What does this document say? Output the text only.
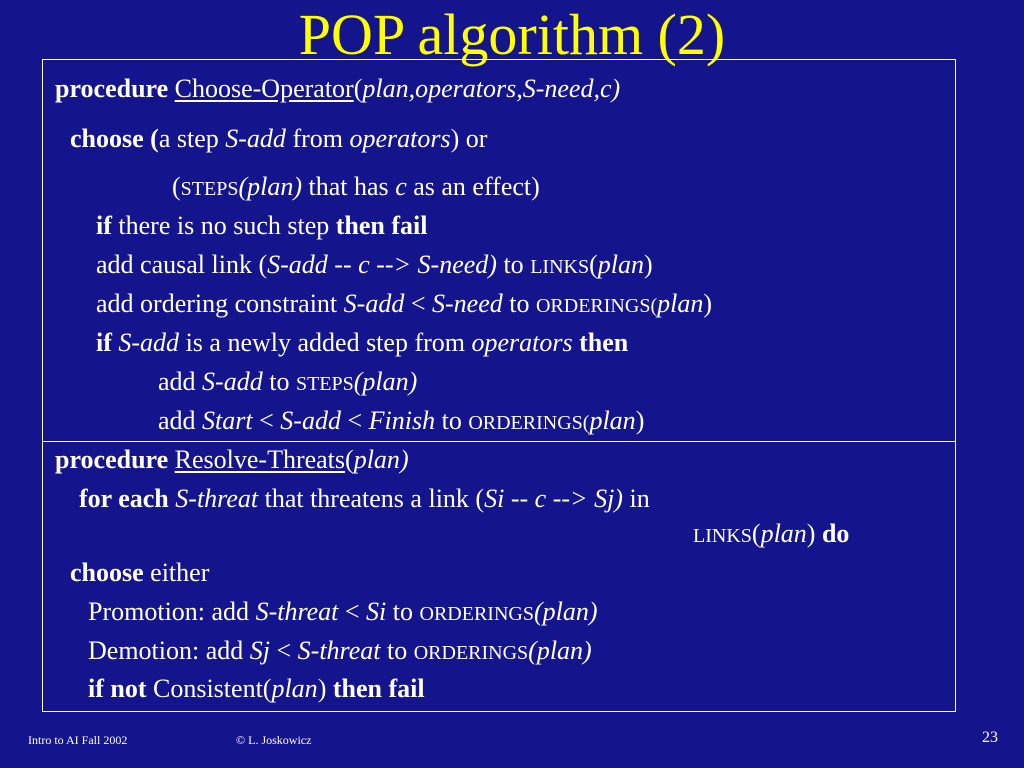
POP algorithm (2)
procedure Choose-Operator(plan,operators,S-need,c)
choose (a step S-add from operators) or
(STEPS(plan) that has c as an effect)
if there is no such step then fail
add causal link (S-add -- c --> S-need) to LINKS(plan)
add ordering constraint S-add < S-need to ORDERINGS(plan)
if S-add is a newly added step from operators then
add S-add to STEPS(plan)
add Start < S-add < Finish to ORDERINGS(plan)
procedure Resolve-Threats(plan)
for each S-threat that threatens a link (Si -- c --> Sj) in
LINKS(plan) do
choose either
Promotion: add S-threat < Si to ORDERINGS(plan)
Demotion: add Sj < S-threat to ORDERINGS(plan)
if not Consistent(plan) then fail
Intro to AI Fall 2002	© L. Joskowicz	23
